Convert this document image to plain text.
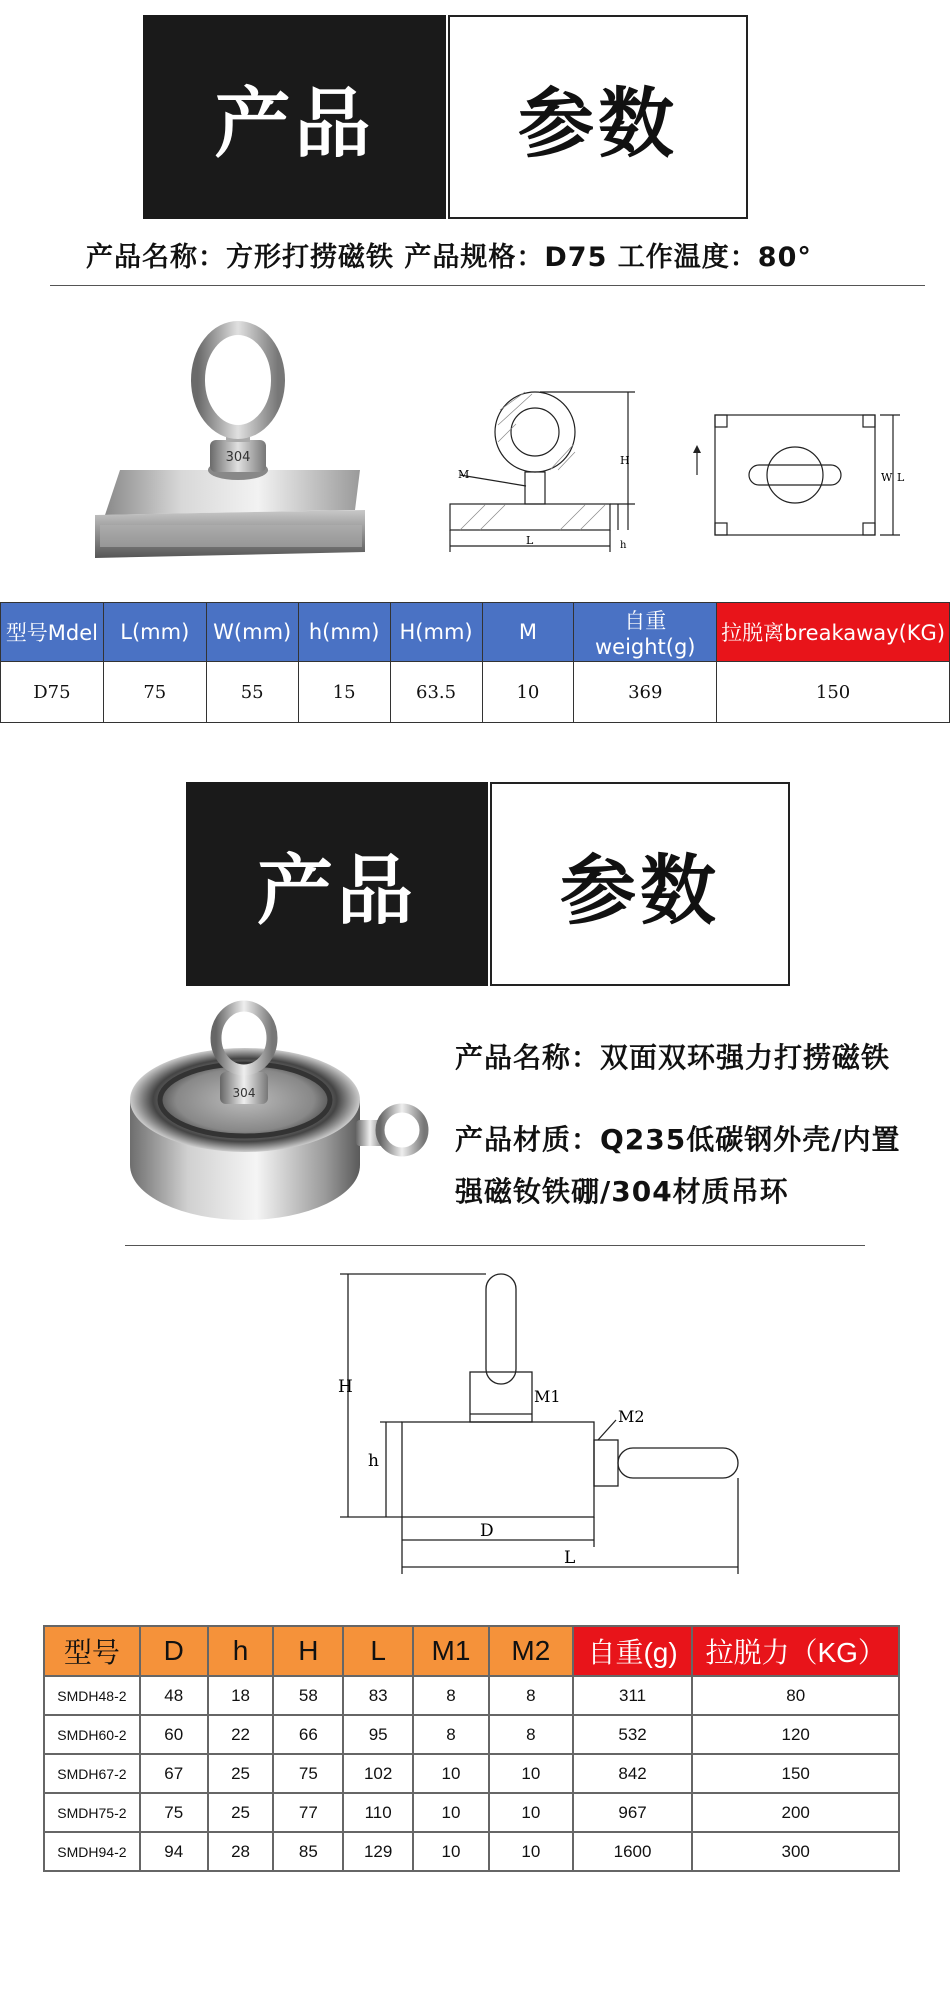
产品 参数
产品名称：方形打捞磁铁 产品规格：D75 工作温度：80°
304
M
H
L	h
W L
型号Mdel	L(mm)	W(mm)	h(mm)	H(mm)	M	自重weight(g)	拉脱离breakaway(KG)
D75	75	55	15	63.5	10	369	150
产品 参数
304
产品名称：双面双环强力打捞磁铁
产品材质：Q235低碳钢外壳/内置
强磁钕铁硼/304材质吊环
H
h
M1
M2
D
L
型号	D	h	H	L	M1	M2	自重(g)	拉脱力（KG）
SMDH48-2	48	18	58	83	8	8	311	80
SMDH60-2	60	22	66	95	8	8	532	120
SMDH67-2	67	25	75	102	10	10	842	150
SMDH75-2	75	25	77	110	10	10	967	200
SMDH94-2	94	28	85	129	10	10	1600	300
